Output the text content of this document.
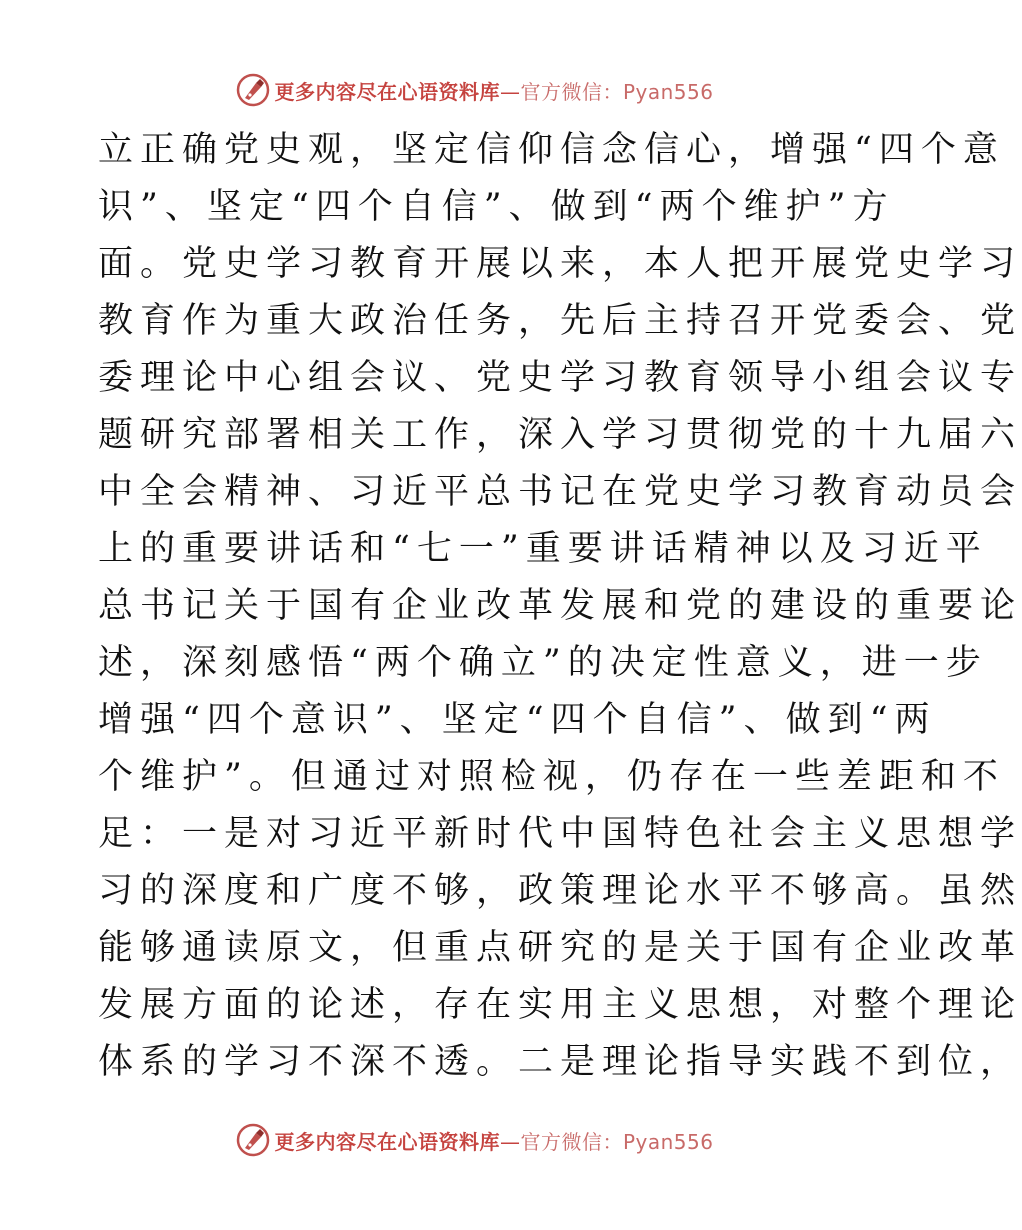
更多内容尽在心语资料库—官方微信：Pyan556
立正确党史观，坚定信仰信念信心，增强“四个意
识”、坚定“四个自信”、做到“两个维护”方
面。党史学习教育开展以来，本人把开展党史学习
教育作为重大政治任务，先后主持召开党委会、党
委理论中心组会议、党史学习教育领导小组会议专
题研究部署相关工作，深入学习贯彻党的十九届六
中全会精神、习近平总书记在党史学习教育动员会
上的重要讲话和“七一”重要讲话精神以及习近平
总书记关于国有企业改革发展和党的建设的重要论
述，深刻感悟“两个确立”的决定性意义，进一步
增强“四个意识”、坚定“四个自信”、做到“两
个维护”。但通过对照检视，仍存在一些差距和不
足：一是对习近平新时代中国特色社会主义思想学
习的深度和广度不够，政策理论水平不够高。虽然
能够通读原文，但重点研究的是关于国有企业改革
发展方面的论述，存在实用主义思想，对整个理论
体系的学习不深不透。二是理论指导实践不到位，
更多内容尽在心语资料库—官方微信：Pyan556
